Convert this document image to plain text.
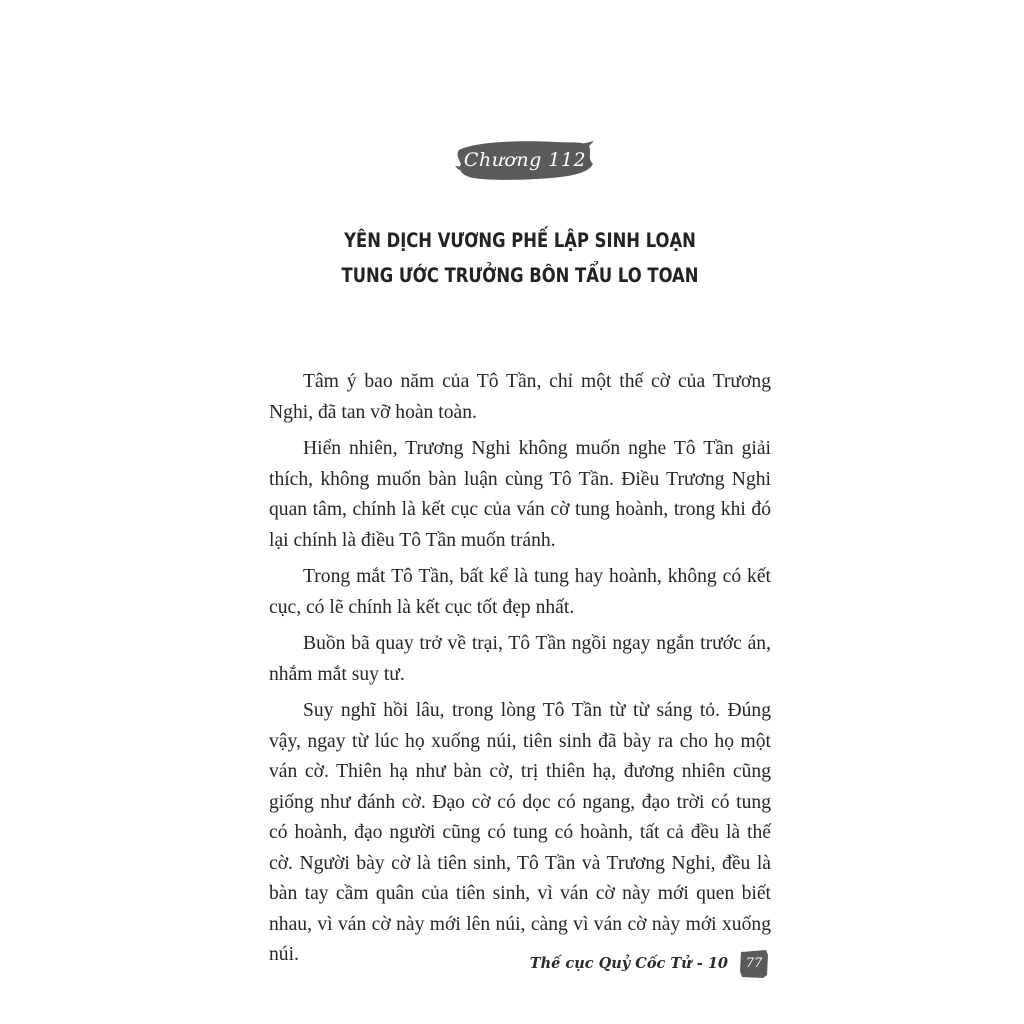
Chương 112
YÊN DỊCH VƯƠNG PHẾ LẬP SINH LOẠN
TUNG ƯỚC TRƯỞNG BÔN TẨU LO TOAN

Tâm ý bao năm của Tô Tần, chỉ một thế cờ của Trương Nghi, đã tan vỡ hoàn toàn.

Hiển nhiên, Trương Nghi không muốn nghe Tô Tần giải thích, không muốn bàn luận cùng Tô Tần. Điều Trương Nghi quan tâm, chính là kết cục của ván cờ tung hoành, trong khi đó lại chính là điều Tô Tần muốn tránh.

Trong mắt Tô Tần, bất kể là tung hay hoành, không có kết cục, có lẽ chính là kết cục tốt đẹp nhất.

Buồn bã quay trở về trại, Tô Tần ngồi ngay ngắn trước án, nhắm mắt suy tư.

Suy nghĩ hồi lâu, trong lòng Tô Tần từ từ sáng tỏ. Đúng vậy, ngay từ lúc họ xuống núi, tiên sinh đã bày ra cho họ một ván cờ. Thiên hạ như bàn cờ, trị thiên hạ, đương nhiên cũng giống như đánh cờ. Đạo cờ có dọc có ngang, đạo trời có tung có hoành, đạo người cũng có tung có hoành, tất cả đều là thế cờ. Người bày cờ là tiên sinh, Tô Tần và Trương Nghi, đều là bàn tay cầm quân của tiên sinh, vì ván cờ này mới quen biết nhau, vì ván cờ này mới lên núi, càng vì ván cờ này mới xuống núi.	Thế cục Quỷ Cốc Tử - 10	77
